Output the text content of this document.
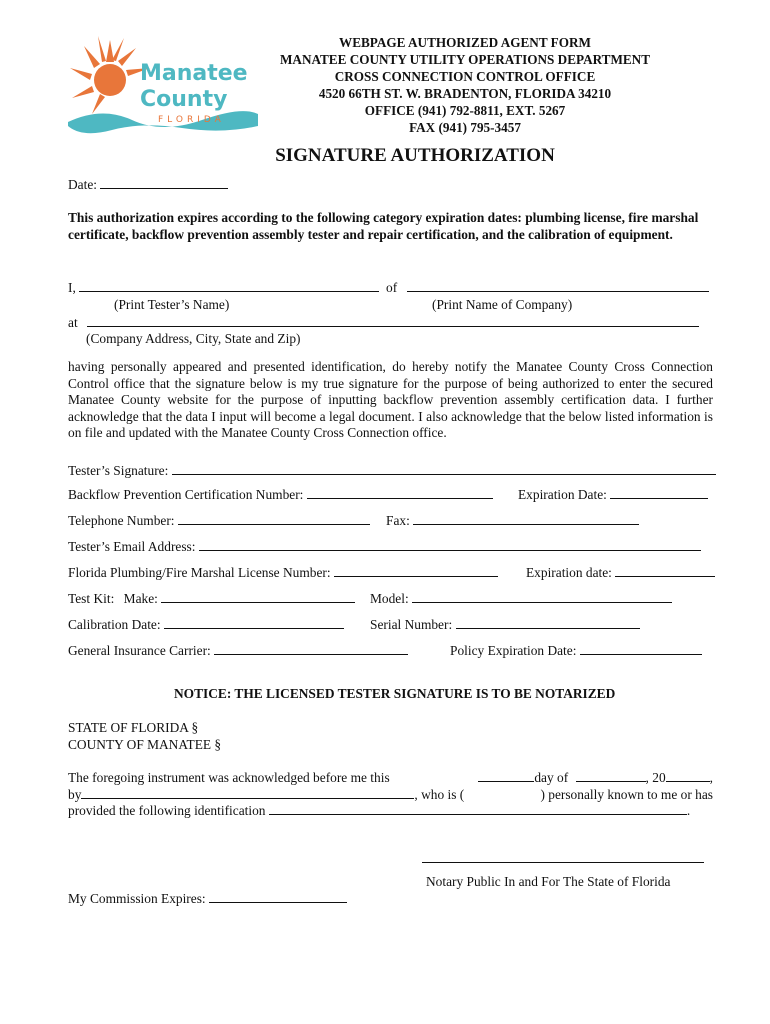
Manatee
County
FLORIDA
WEBPAGE AUTHORIZED AGENT FORM
MANATEE COUNTY UTILITY OPERATIONS DEPARTMENT
CROSS CONNECTION CONTROL OFFICE
4520 66TH ST. W. BRADENTON, FLORIDA 34210
OFFICE (941) 792-8811, EXT. 5267
FAX (941) 795-3457
SIGNATURE AUTHORIZATION
Date:
This authorization expires according to the following category expiration dates: plumbing license, fire marshal certificate, backflow prevention assembly tester and repair certification, and the calibration of equipment.
I,	of
(Print Tester’s Name)	(Print Name of Company)
at
(Company Address, City, State and Zip)
having personally appeared and presented identification, do hereby notify the Manatee County Cross Connection Control office that the signature below is my true signature for the purpose of being authorized to enter the secured Manatee County website for the purpose of inputting backflow prevention assembly certification data. I further acknowledge that the data I input will become a legal document. I also acknowledge that the below listed information is on file and updated with the Manatee County Cross Connection office.
Tester’s Signature:
Backflow Prevention Certification Number:	Expiration Date:
Telephone Number:	Fax:
Tester’s Email Address:
Florida Plumbing/Fire Marshal License Number:	Expiration date:
Test Kit: Make:	Model:
Calibration Date:	Serial Number:
General Insurance Carrier:	Policy Expiration Date:
NOTICE: THE LICENSED TESTER SIGNATURE IS TO BE NOTARIZED
STATE OF FLORIDA §
COUNTY OF MANATEE §
The foregoing instrument was acknowledged before me this	day of	, 20	,
by	, who is (	) personally known to me or has
provided the following identification	.
Notary Public In and For The State of Florida
My Commission Expires:
